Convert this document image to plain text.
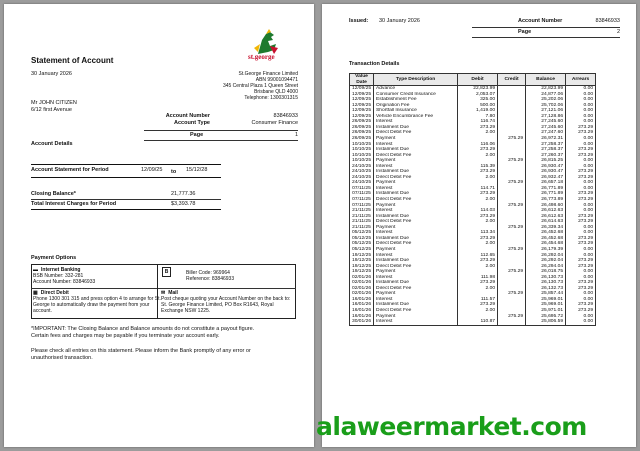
Statement of Account
30 January 2026
st.george
St.George Finance Limited
ABN 99001094471
345 Central Plaza 1 Queen Street
Brisbane QLD 4000
Telephone: 1300301315
Mr JOHN CITIZEN
6/12 first Avenue
Account Number	83846933
Account Type	Consumer Finance
Page	1
Account Details
Account Statement for Period	12/09/25 to 15/12/28
Closing Balance*	21,777.36
Total Interest Charges for Period	$3,393.78
Payment Options
▬ Internet Banking
BSB Number: 332-281
Account Number: 83846933
B	Biller Code: 969964
Reference: 83846933
▦ Direct Debit
Phone 1300 301 315 and press option 4 to arrange for St.
George to automatically draw the payment from your
account.
✉ Mail
Post cheque quoting your Account Number on the back to:
St. George Finance Limited, PO Box R1643, Royal
Exchange NSW 1225.
*IMPORTANT: The Closing Balance and Balance amounts do not constitute a payout figure.
Certain fees and charges may be payable if you terminate your account early.
Please check all entries on this statement. Please inform the Bank promptly of any error or
unauthorised transaction.
Issued: 30 January 2026	Account Number	83846933
Page	2
Transaction Details
Value Date	Type Description	Debit	Credit	Balance	Arrears
12/09/25	Advance	22,823.99		22,823.99	0.00
12/09/25	Consumer Credit Insurance	2,053.07		24,877.06	0.00
12/09/25	Establishment Fee	325.00		25,202.06	0.00
12/09/25	Origination Fee	500.00		25,702.06	0.00
12/09/25	Shortfall Insurance	1,419.00		27,121.06	0.00
12/09/25	Vehicle Encumbrance Fee	7.80		27,128.86	0.00
26/09/25	Interest	116.74		27,245.60	0.00
26/09/25	Instalment Due	273.29		27,245.60	273.29
26/09/25	Direct Debit Fee	2.00		27,247.60	273.29
26/09/25	Payment		275.29	26,972.31	0.00
10/10/25	Interest	116.06		27,258.37	0.00
10/10/25	Instalment Due	273.29		27,258.37	273.29
10/10/25	Direct Debit Fee	2.00		27,260.37	273.29
10/10/25	Payment		275.29	26,815.25	0.00
24/10/25	Interest	115.39		26,930.47	0.00
24/10/25	Instalment Due	273.29		26,930.47	273.29
24/10/25	Direct Debit Fee	2.00		26,932.47	273.29
24/10/25	Payment		275.29	26,657.18	0.00
07/11/25	Interest	114.71		26,771.89	0.00
07/11/25	Instalment Due	273.29		26,771.89	273.29
07/11/25	Direct Debit Fee	2.00		26,773.89	273.29
07/11/25	Payment		275.29	26,498.60	0.00
21/11/25	Interest	114.03		26,612.63	0.00
21/11/25	Instalment Due	273.29		26,612.63	273.29
21/11/25	Direct Debit Fee	2.00		26,614.63	273.29
21/11/25	Payment		275.29	26,339.34	0.00
05/12/25	Interest	113.34		26,452.68	0.00
05/12/25	Instalment Due	273.29		26,452.68	273.29
05/12/25	Direct Debit Fee	2.00		26,454.68	273.29
05/12/25	Payment		275.29	26,179.39	0.00
19/12/25	Interest	112.65		26,292.04	0.00
19/12/25	Instalment Due	273.29		26,292.04	273.29
19/12/25	Direct Debit Fee	2.00		26,294.04	273.29
19/12/25	Payment		275.29	26,018.75	0.00
02/01/26	Interest	111.98		26,130.73	0.00
02/01/26	Instalment Due	273.29		26,130.73	273.29
02/01/26	Direct Debit Fee	2.00		26,132.73	273.29
02/01/26	Payment		275.29	25,857.44	0.00
16/01/26	Interest	111.57		25,969.01	0.00
16/01/26	Instalment Due	273.29		25,969.01	273.29
16/01/26	Direct Debit Fee	2.00		25,971.01	273.29
16/01/26	Payment		275.29	25,695.72	0.00
30/01/26	Interest	110.87		25,806.59	0.00
alaweermarket.com
